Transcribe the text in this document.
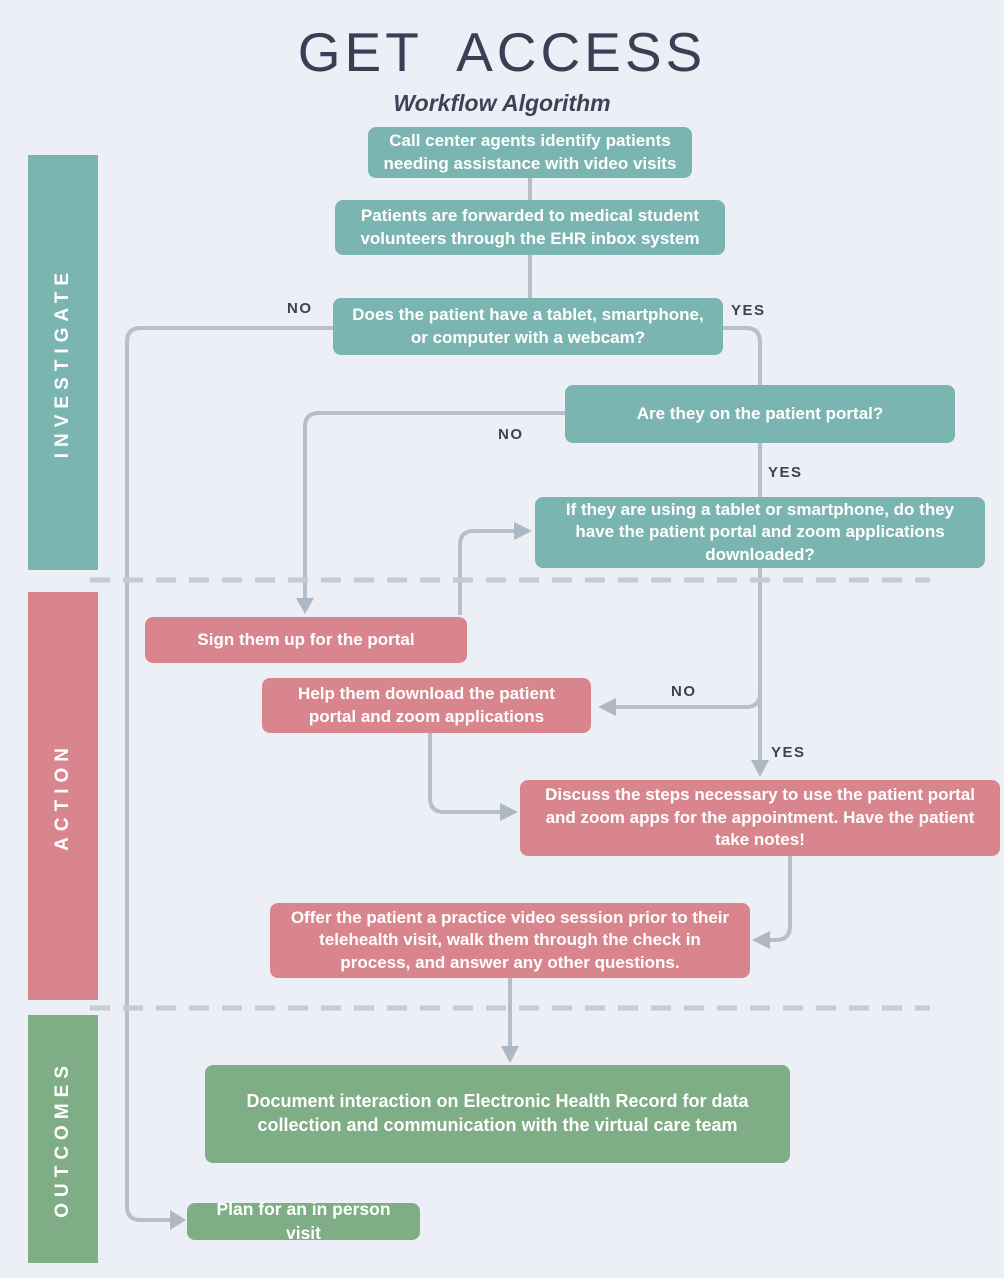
GET ACCESS
Workflow Algorithm
INVESTIGATE
ACTION
OUTCOMES
Call center agents identify patients needing assistance with video visits
Patients are forwarded to medical student volunteers through the EHR inbox system
Does the patient have a tablet, smartphone, or computer with a webcam?
Are they on the patient portal?
If they are using a tablet or smartphone, do they have the patient portal and zoom applications downloaded?
Sign them up for the portal
Help them download the patient portal and zoom applications
Discuss the steps necessary to use the patient portal and zoom apps for the appointment. Have the patient take notes!
Offer the patient a practice video session prior to their telehealth visit, walk them through the check in process, and answer any other questions.
Document interaction on Electronic Health Record for data collection and communication with the virtual care team
Plan for an in person visit
NO	YES
NO
YES
NO
YES
